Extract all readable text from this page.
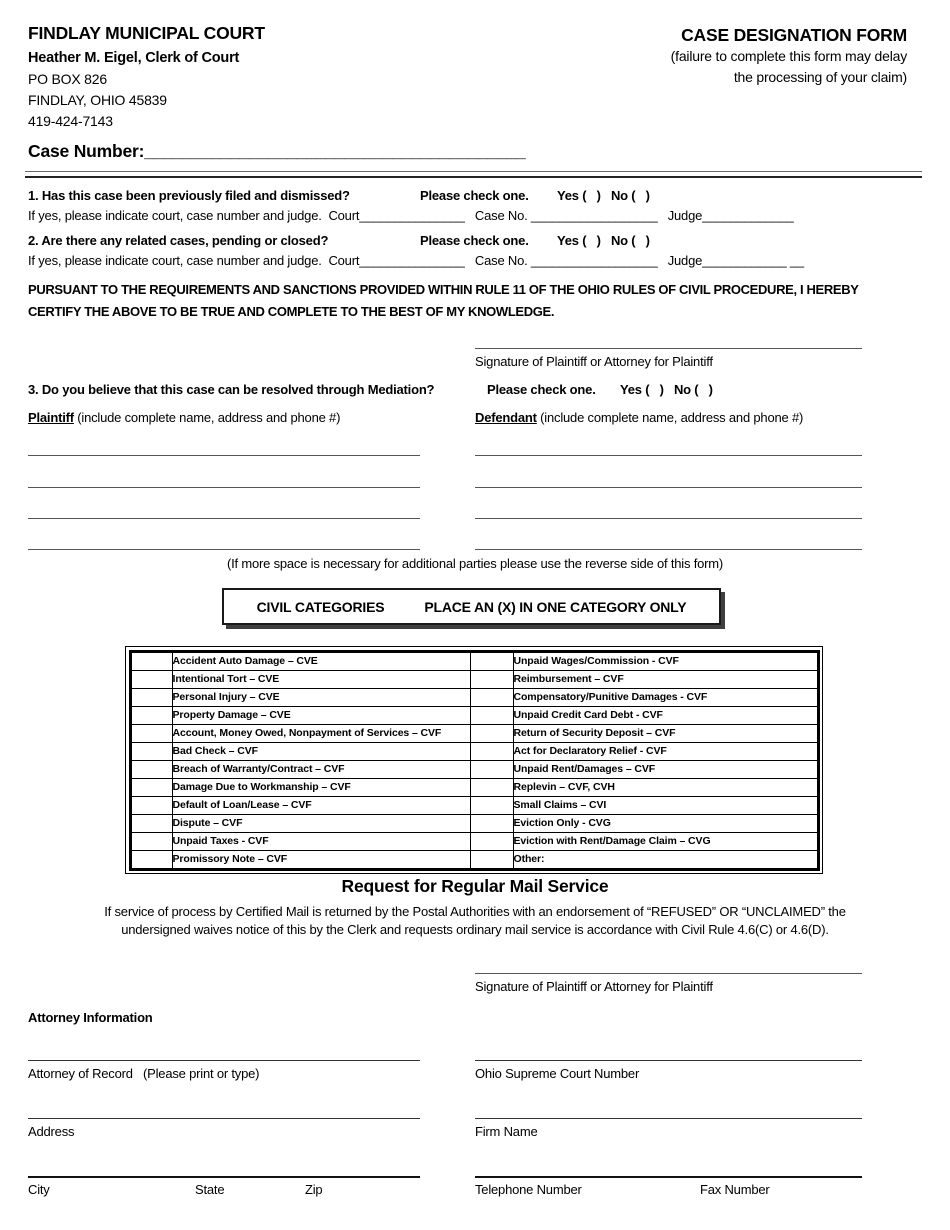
FINDLAY MUNICIPAL COURT
Heather M. Eigel, Clerk of Court
PO BOX 826
FINDLAY, OHIO 45839
419-424-7143
CASE DESIGNATION FORM
(failure to complete this form may delay
the processing of your claim)
Case Number:________________________________________
1. Has this case been previously filed and dismissed?	Please check one.	Yes (   )   No (   )
If yes, please indicate court, case number and judge.  Court_______________   Case No. __________________   Judge_____________
2. Are there any related cases, pending or closed?	Please check one.	Yes (   )   No (   )
If yes, please indicate court, case number and judge.  Court_______________   Case No. __________________   Judge____________ __
PURSUANT TO THE REQUIREMENTS AND SANCTIONS PROVIDED WITHIN RULE 11 OF THE OHIO RULES OF CIVIL PROCEDURE, I HEREBY
CERTIFY THE ABOVE TO BE TRUE AND COMPLETE TO THE BEST OF MY KNOWLEDGE.
Signature of Plaintiff or Attorney for Plaintiff
3. Do you believe that this case can be resolved through Mediation?	Please check one.	Yes (   )   No (   )
Plaintiff (include complete name, address and phone #)	Defendant (include complete name, address and phone #)
(If more space is necessary for additional parties please use the reverse side of this form)
CIVIL CATEGORIES	PLACE AN (X) IN ONE CATEGORY ONLY
	Accident Auto Damage – CVE		Unpaid Wages/Commission - CVF
	Intentional Tort – CVE		Reimbursement – CVF
	Personal Injury – CVE		Compensatory/Punitive Damages - CVF
	Property Damage – CVE		Unpaid Credit Card Debt - CVF
	Account, Money Owed, Nonpayment of Services – CVF		Return of Security Deposit – CVF
	Bad Check – CVF		Act for Declaratory Relief - CVF
	Breach of Warranty/Contract – CVF		Unpaid Rent/Damages – CVF
	Damage Due to Workmanship – CVF		Replevin – CVF, CVH
	Default of Loan/Lease – CVF		Small Claims – CVI
	Dispute – CVF		Eviction Only - CVG
	Unpaid Taxes - CVF		Eviction with Rent/Damage Claim – CVG
	Promissory Note – CVF		Other:
Request for Regular Mail Service
If service of process by Certified Mail is returned by the Postal Authorities with an endorsement of “REFUSED” OR “UNCLAIMED” the
undersigned waives notice of this by the Clerk and requests ordinary mail service is accordance with Civil Rule 4.6(C) or 4.6(D).
Signature of Plaintiff or Attorney for Plaintiff
Attorney Information
Attorney of Record   (Please print or type)	Ohio Supreme Court Number
Address	Firm Name
City	State	Zip	Telephone Number	Fax Number
